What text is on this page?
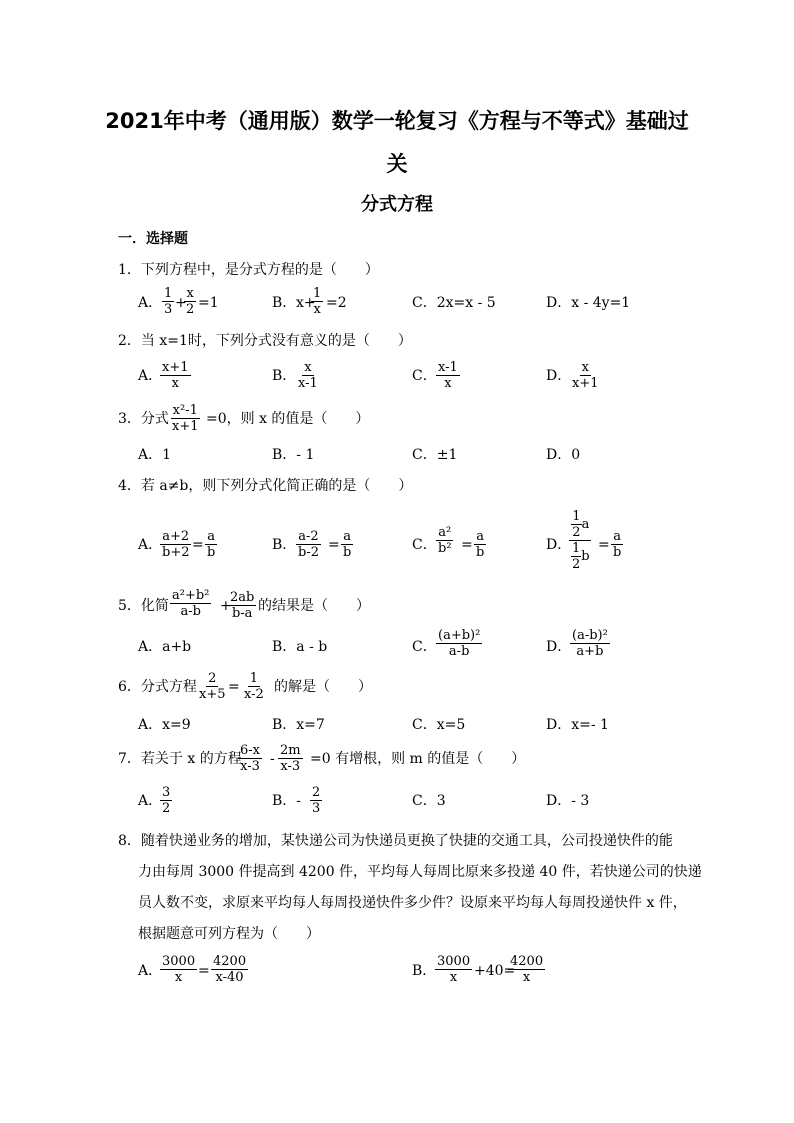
2021年中考（通用版）数学一轮复习《方程与不等式》基础过
关
分式方程
一．选择题
1．下列方程中，是分式方程的是（　　）
A． $\frac{1}{3}$ +
$\frac{x}{2} =1$	B． x+
$\frac{1}{x} =2$	C．2x=x - 5	D．x - 4y=1
2．当 x=1时，下列分式没有意义的是（　　）
A．
$\frac{x+1}{x}$	B． $\frac{x}{x-1}$	C． $\frac{x-1}{x}$	D．
$\frac{x}{x+1}$
3．分式 $\frac{\text{x²-1}}{x+1} =0$，则 x 的值是（　　）
A．1	B．- 1	C．±1	D．0
4．若 a≠b，则下列分式化简正确的是（　　）
A．
$\frac{a+2}{b+2} = \frac{a}{b}$	B． $\frac{a-2}{b-2} = \frac{a}{b}$	C． $\frac{\text{a²}}{\text{b²}} = \frac{a}{b}$	D．
$\frac{\frac{1}{2} a}{\frac{1}{2} b} = \frac{a}{b}$
5．化简 $\frac{\text{a²+b²}}{a-b}$ +
$\frac{2ab}{b-a}$ 的结果是（　　）
A．a+b	B．a - b	C． $\frac{\text{(a+b)²}}{a-b}$	D．
$\frac{\text{(a-b)²}}{a+b}$
6．分式方程 $\frac{2}{x+5} = \frac{1}{x-2}$ 的解是（　　）
A．x=9	B．x=7	C．x=5	D．x=- 1
7．若关于 x 的方程
$\frac{6-x}{x-3} - \frac{2m}{x-3} =0$ 有增根，则 m 的值是（　　）
A．
$\frac{3}{2}$	B．- $\frac{2}{3}$	C．3	D．- 3
8．随着快递业务的增加，某快递公司为快递员更换了快捷的交通工具，公司投递快件的能
力由每周 3000 件提高到 4200 件，平均每人每周比原来多投递 40 件，若快递公司的快递
员人数不变，求原来平均每人每周投递快件多少件？设原来平均每人每周投递快件 x 件，
根据题意可列方程为（　　）
A．
$\frac{3000}{x} = \frac{4200}{x-40}$	B．
$\frac{3000}{x} +40=$
$\frac{4200}{x}$
